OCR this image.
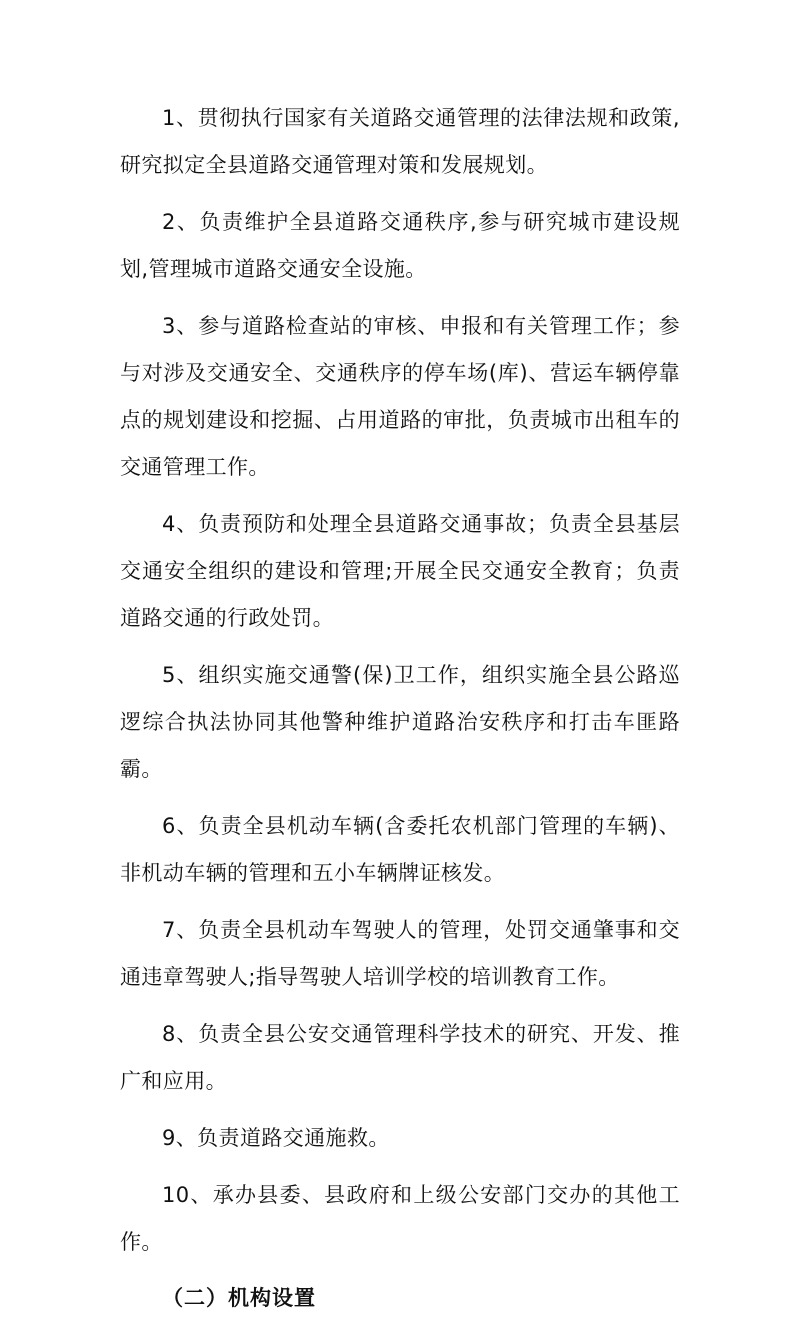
1、贯彻执行国家有关道路交通管理的法律法规和政策,研究拟定全县道路交通管理对策和发展规划。

2、负责维护全县道路交通秩序,参与研究城市建设规划,管理城市道路交通安全设施。

3、参与道路检查站的审核、申报和有关管理工作；参与对涉及交通安全、交通秩序的停车场(库)、营运车辆停靠点的规划建设和挖掘、占用道路的审批，负责城市出租车的交通管理工作。

4、负责预防和处理全县道路交通事故；负责全县基层交通安全组织的建设和管理;开展全民交通安全教育；负责道路交通的行政处罚。

5、组织实施交通警(保)卫工作，组织实施全县公路巡逻综合执法协同其他警种维护道路治安秩序和打击车匪路霸。

6、负责全县机动车辆(含委托农机部门管理的车辆)、非机动车辆的管理和五小车辆牌证核发。

7、负责全县机动车驾驶人的管理，处罚交通肇事和交通违章驾驶人;指导驾驶人培训学校的培训教育工作。

8、负责全县公安交通管理科学技术的研究、开发、推广和应用。

9、负责道路交通施救。

10、承办县委、县政府和上级公安部门交办的其他工作。

（二）机构设置
